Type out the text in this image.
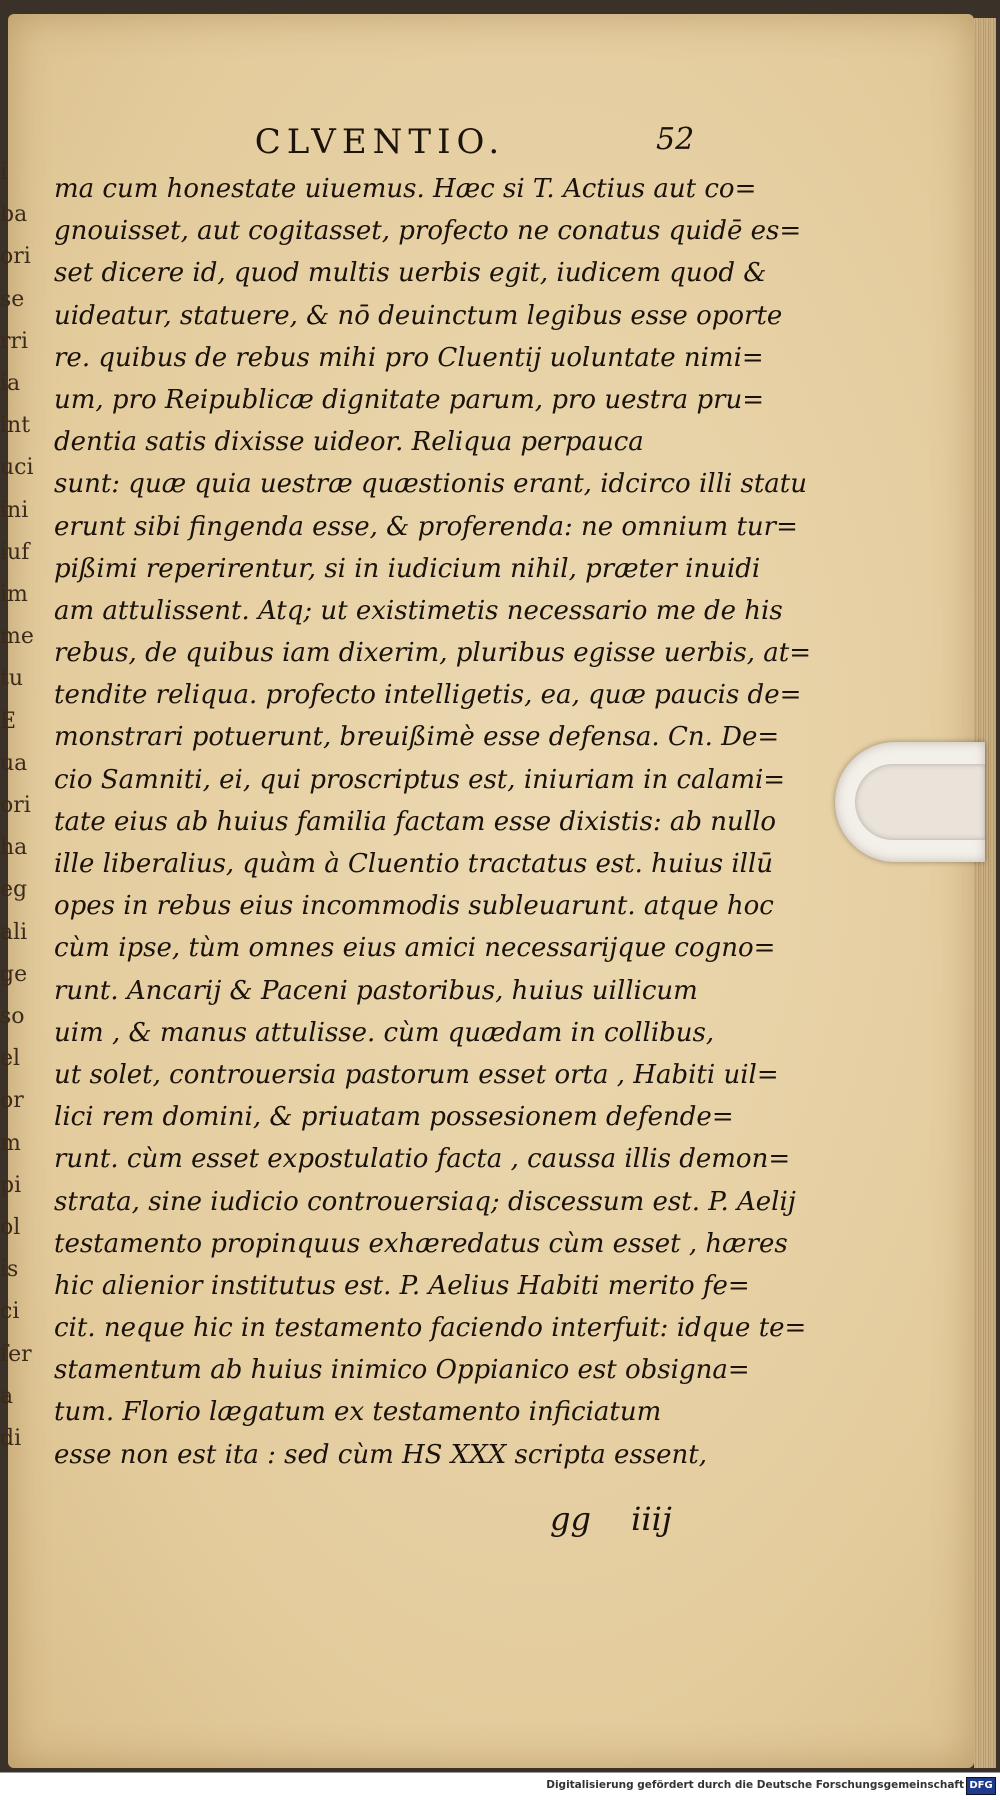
i
ba
ori
se
rri
ia
int
uci
ini
iuf
im
me
tu
E
ua
ori
ha
eg
ali
ge
so
el
or
m
pi
ol
is
ci
fer
a
di
CLVENTIO.	52
ma cum honestate uiuemus. Hæc si T. Actius aut co=
gnouisset, aut cogitasset, profecto ne conatus quidē es=
set dicere id, quod multis uerbis egit, iudicem quod &
uideatur, statuere, & nō deuinctum legibus esse oporte
re. quibus de rebus mihi pro Cluentij uoluntate nimi=
um, pro Reipublicæ dignitate parum, pro uestra pru=
dentia satis dixisse uideor. Reliqua perpauca
sunt: quæ quia uestræ quæstionis erant, idcirco illi statu
erunt sibi fingenda esse, & proferenda: ne omnium tur=
pißimi reperirentur, si in iudicium nihil, præter inuidi
am attulissent. Atq; ut existimetis necessario me de his
rebus, de quibus iam dixerim, pluribus egisse uerbis, at=
tendite reliqua. profecto intelligetis, ea, quæ paucis de=
monstrari potuerunt, breuißimè esse defensa. Cn. De=
cio Samniti, ei, qui proscriptus est, iniuriam in calami=
tate eius ab huius familia factam esse dixistis: ab nullo
ille liberalius, quàm à Cluentio tractatus est. huius illū
opes in rebus eius incommodis subleuarunt. atque hoc
cùm ipse, tùm omnes eius amici necessarijque cogno=
runt. Ancarij & Paceni pastoribus, huius uillicum
uim , & manus attulisse. cùm quædam in collibus,
ut solet, controuersia pastorum esset orta , Habiti uil=
lici rem domini, & priuatam possesionem defende=
runt. cùm esset expostulatio facta , caussa illis demon=
strata, sine iudicio controuersiaq; discessum est. P. Aelij
testamento propinquus exhæredatus cùm esset , hæres
hic alienior institutus est. P. Aelius Habiti merito fe=
cit. neque hic in testamento faciendo interfuit: idque te=
stamentum ab huius inimico Oppianico est obsigna=
tum. Florio lægatum ex testamento inficiatum
esse non est ita : sed cùm HS XXX scripta essent,
gg iiij
Digitalisierung gefördert durch die Deutsche Forschungsgemeinschaft DFG
